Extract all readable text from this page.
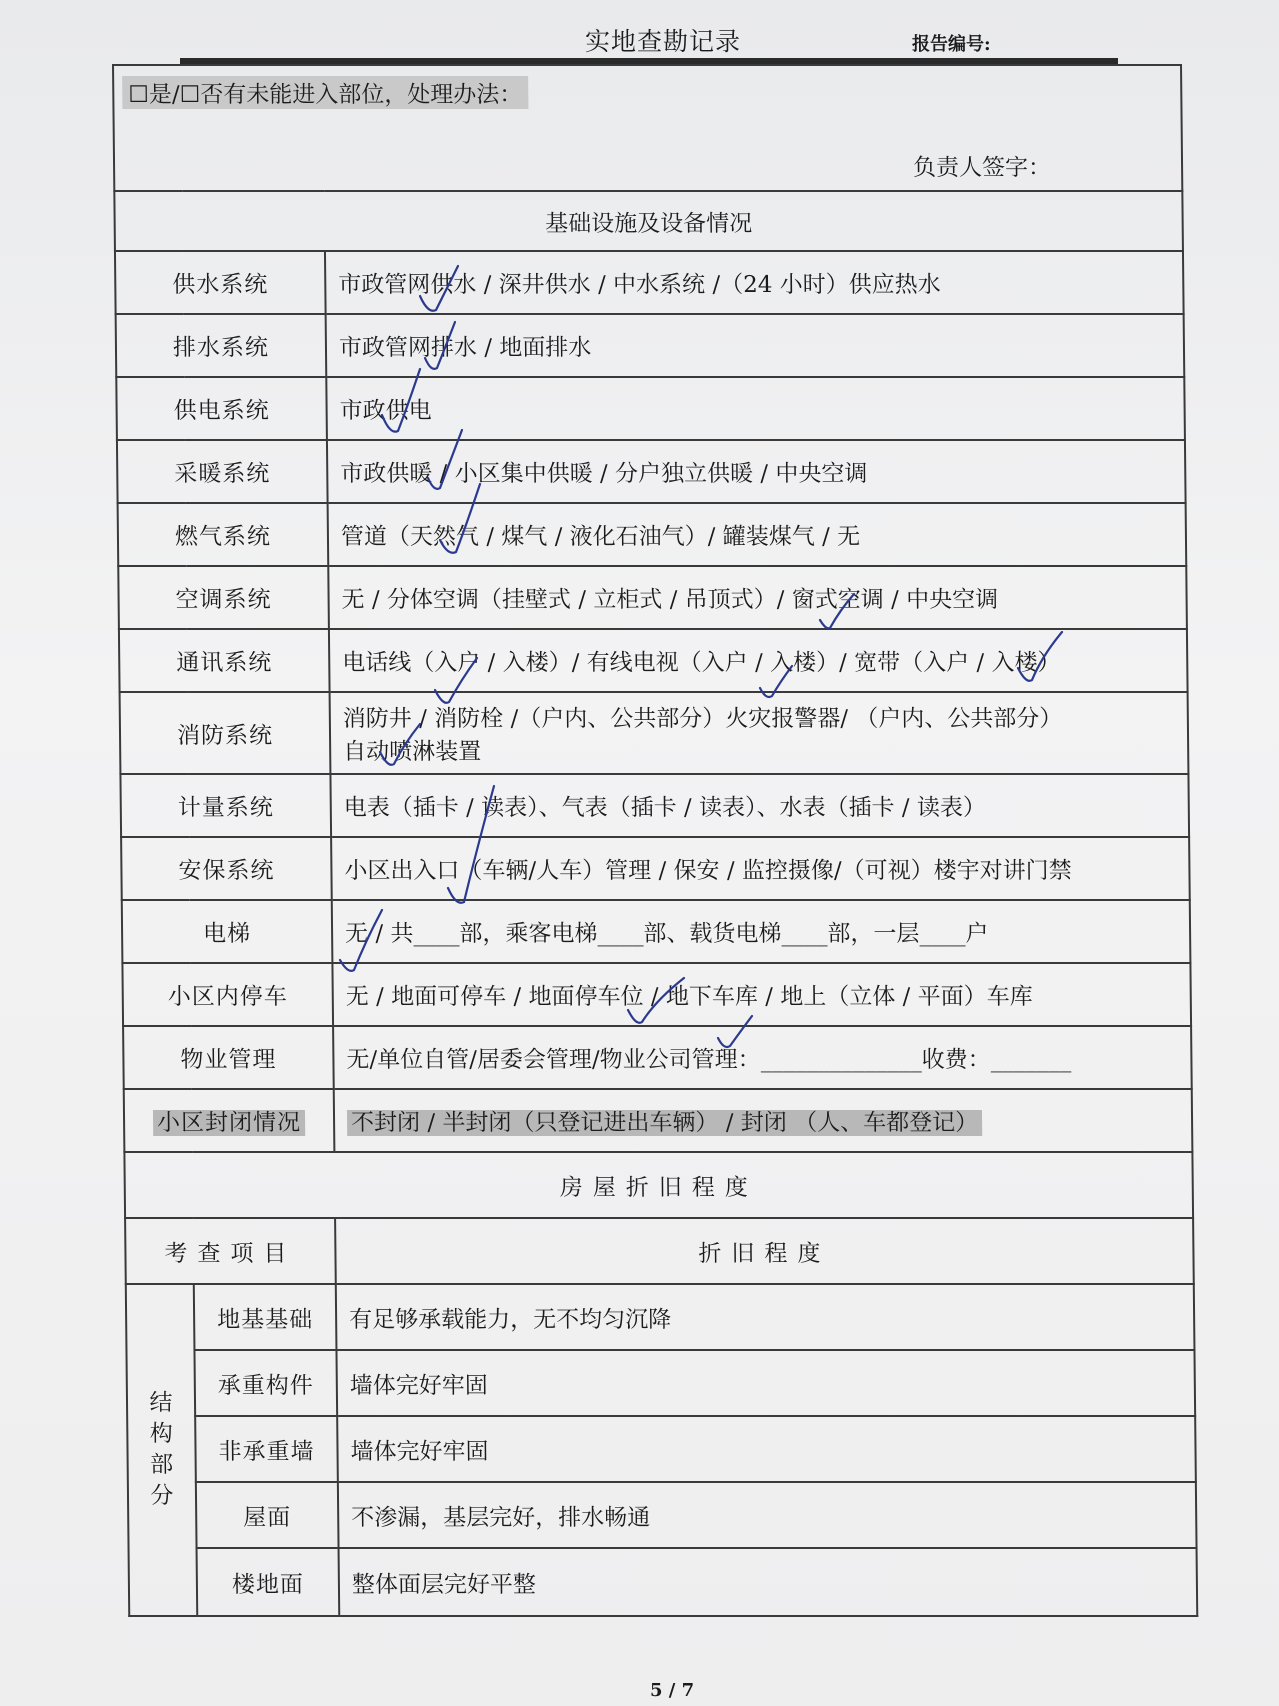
实地查勘记录	报告编号:
☐是/☐否有未能进入部位，处理办法：
负责人签字：		

基础设施及设备情况		
供水系统		市政管网供水 / 深井供水 / 中水系统 /（24 小时）供应热水
排水系统		市政管网排水 / 地面排水
供电系统		市政供电
采暖系统		市政供暖 / 小区集中供暖 / 分户独立供暖 / 中央空调
燃气系统		管道（天然气 / 煤气 / 液化石油气）/ 罐装煤气 / 无
空调系统		无 / 分体空调（挂壁式 / 立柜式 / 吊顶式）/ 窗式空调 / 中央空调
通讯系统		电话线（入户 / 入楼）/ 有线电视（入户 / 入楼）/ 宽带（入户 / 入楼）
消防系统		消防井 / 消防栓 /（户内、公共部分）火灾报警器/ （户内、公共部分）
自动喷淋装置

计量系统		电表（插卡 / 读表）、气表（插卡 / 读表）、水表（插卡 / 读表）
安保系统		小区出入口（车辆/人车）管理 / 保安 / 监控摄像/（可视）楼宇对讲门禁
电梯		无 / 共____部，乘客电梯____部、载货电梯____部，一层____户
小区内停车		无 / 地面可停车 / 地面停车位 / 地下车库 / 地上（立体 / 平面）车库
物业管理		无/单位自管/居委会管理/物业公司管理：______________收费：_______
小区封闭情况		不封闭 / 半封闭（只登记进出车辆） / 封闭 （人、车都登记）
房屋折旧程度		
考查项目		折旧程度

结构部分	地基基础	有足够承载能力，无不均匀沉降
	承重构件	墙体完好牢固
	非承重墙	墙体完好牢固
	屋面	不渗漏，基层完好，排水畅通
	楼地面	整体面层完好平整
5 / 7
